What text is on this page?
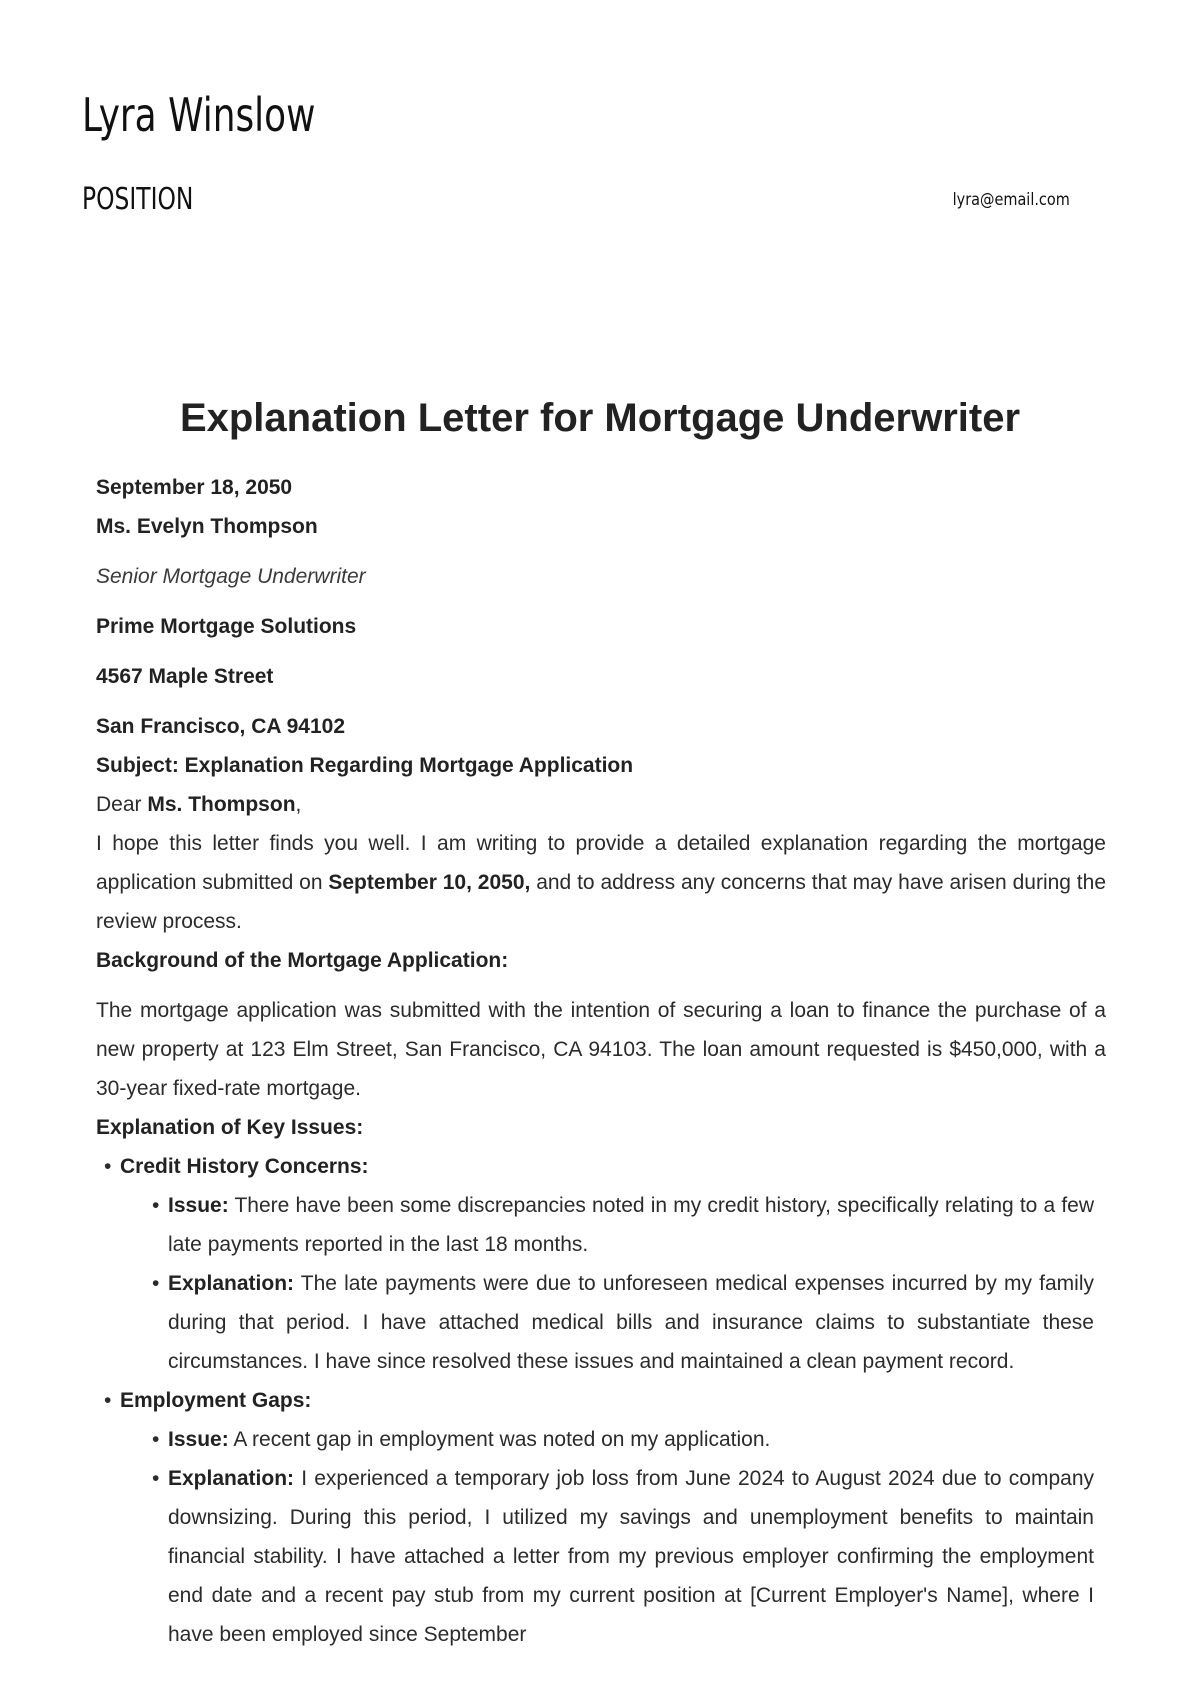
Lyra Winslow
POSITION	lyra@email.com
Explanation Letter for Mortgage Underwriter

September 18, 2050

Ms. Evelyn Thompson

Senior Mortgage Underwriter

Prime Mortgage Solutions

4567 Maple Street

San Francisco, CA 94102

Subject: Explanation Regarding Mortgage Application

Dear Ms. Thompson,

I hope this letter finds you well. I am writing to provide a detailed explanation regarding the mortgage application submitted on September 10, 2050, and to address any concerns that may have arisen during the review process.

Background of the Mortgage Application:

The mortgage application was submitted with the intention of securing a loan to finance the purchase of a new property at 123 Elm Street, San Francisco, CA 94103. The loan amount requested is $450,000, with a 30-year fixed-rate mortgage.

Explanation of Key Issues:

• Credit History Concerns:
• Issue: There have been some discrepancies noted in my credit history, specifically relating to a few late payments reported in the last 18 months.
• Explanation: The late payments were due to unforeseen medical expenses incurred by my family during that period. I have attached medical bills and insurance claims to substantiate these circumstances. I have since resolved these issues and maintained a clean payment record.
• Employment Gaps:
• Issue: A recent gap in employment was noted on my application.
• Explanation: I experienced a temporary job loss from June 2024 to August 2024 due to company downsizing. During this period, I utilized my savings and unemployment benefits to maintain financial stability. I have attached a letter from my previous employer confirming the employment end date and a recent pay stub from my current position at [Current Employer's Name], where I have been employed since September
